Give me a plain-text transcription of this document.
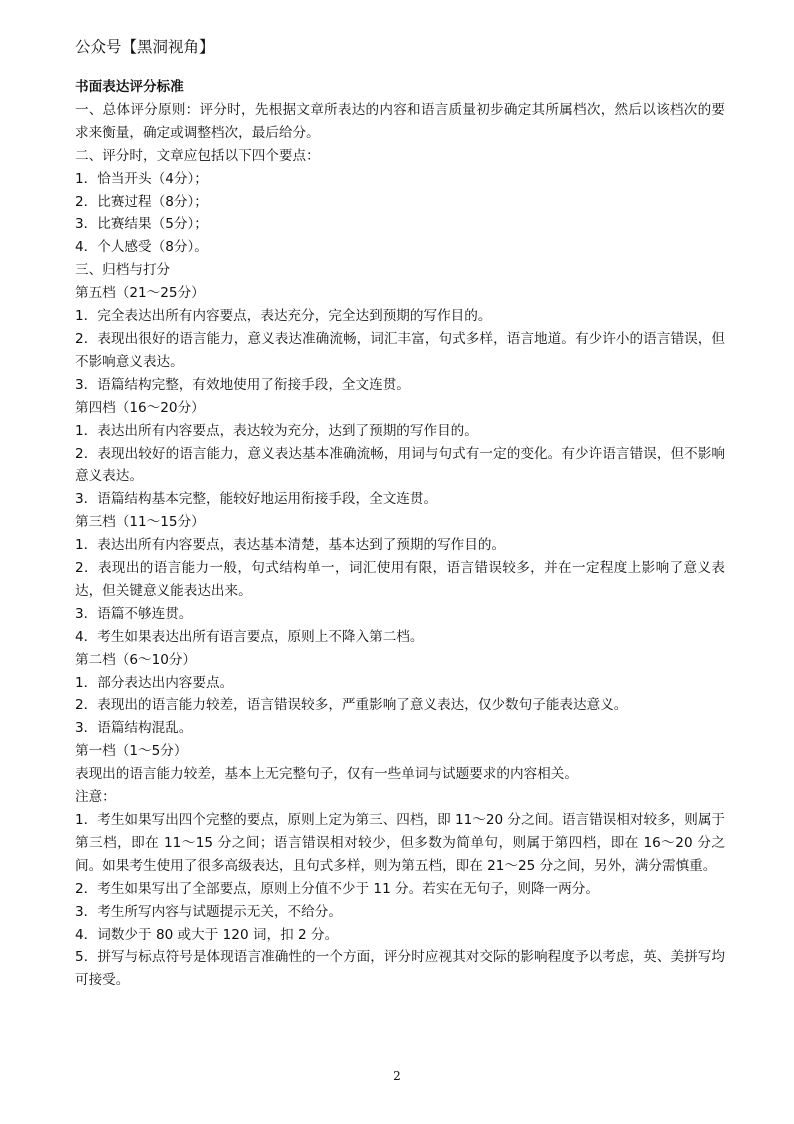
公众号【黑洞视角】

书面表达评分标准

一、总体评分原则：评分时，先根据文章所表达的内容和语言质量初步确定其所属档次，然后以该档次的要求来衡量，确定或调整档次，最后给分。

二、评分时，文章应包括以下四个要点：

1．恰当开头（4分）；

2．比赛过程（8分）；

3．比赛结果（5分）；

4．个人感受（8分）。

三、归档与打分

第五档（21～25分）

1．完全表达出所有内容要点，表达充分，完全达到预期的写作目的。

2．表现出很好的语言能力，意义表达准确流畅，词汇丰富，句式多样，语言地道。有少许小的语言错误，但不影响意义表达。

3．语篇结构完整，有效地使用了衔接手段，全文连贯。

第四档（16～20分）

1．表达出所有内容要点，表达较为充分，达到了预期的写作目的。

2．表现出较好的语言能力，意义表达基本准确流畅，用词与句式有一定的变化。有少许语言错误，但不影响意义表达。

3．语篇结构基本完整，能较好地运用衔接手段，全文连贯。

第三档（11～15分）

1．表达出所有内容要点，表达基本清楚，基本达到了预期的写作目的。

2．表现出的语言能力一般，句式结构单一，词汇使用有限，语言错误较多，并在一定程度上影响了意义表达，但关键意义能表达出来。

3．语篇不够连贯。

4．考生如果表达出所有语言要点，原则上不降入第二档。

第二档（6～10分）

1．部分表达出内容要点。

2．表现出的语言能力较差，语言错误较多，严重影响了意义表达，仅少数句子能表达意义。

3．语篇结构混乱。

第一档（1～5分）

表现出的语言能力较差，基本上无完整句子，仅有一些单词与试题要求的内容相关。

注意：

1．考生如果写出四个完整的要点，原则上定为第三、四档，即 11～20 分之间。语言错误相对较多，则属于第三档，即在 11～15 分之间；语言错误相对较少，但多数为简单句，则属于第四档，即在 16～20 分之间。如果考生使用了很多高级表达，且句式多样，则为第五档，即在 21～25 分之间，另外，满分需慎重。

2．考生如果写出了全部要点，原则上分值不少于 11 分。若实在无句子，则降一两分。

3．考生所写内容与试题提示无关，不给分。

4．词数少于 80 或大于 120 词，扣 2 分。

5．拼写与标点符号是体现语言准确性的一个方面，评分时应视其对交际的影响程度予以考虑，英、美拼写均可接受。

2
